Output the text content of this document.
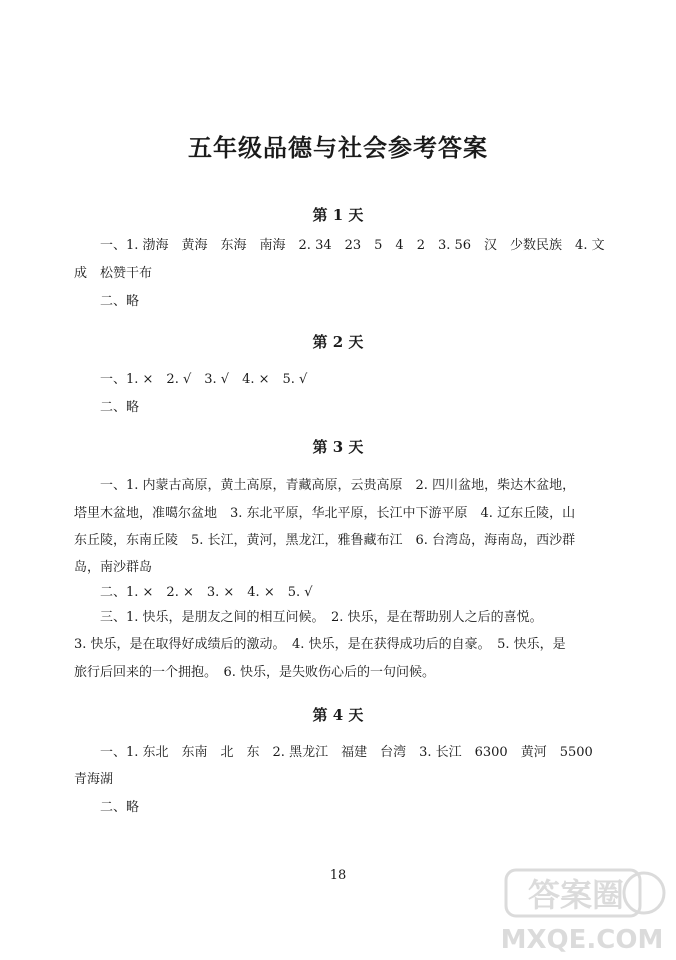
五年级品德与社会参考答案
第 1 天
一、1. 渤海　黄海　东海　南海　2. 34　23　5　4　2　3. 56　汉　少数民族　4. 文
成　松赞干布
二、略
第 2 天
一、1. ×　2. √　3. √　4. ×　5. √
二、略
第 3 天
一、1. 内蒙古高原，黄土高原，青藏高原，云贵高原　2. 四川盆地，柴达木盆地，
塔里木盆地，准噶尔盆地　3. 东北平原，华北平原，长江中下游平原　4. 辽东丘陵，山
东丘陵，东南丘陵　5. 长江，黄河，黑龙江，雅鲁藏布江　6. 台湾岛，海南岛，西沙群
岛，南沙群岛
二、1. ×　2. ×　3. ×　4. ×　5. √
三、1. 快乐，是朋友之间的相互问候。　2. 快乐，是在帮助别人之后的喜悦。
3. 快乐，是在取得好成绩后的激动。　4. 快乐，是在获得成功后的自豪。　5. 快乐，是
旅行后回来的一个拥抱。　6. 快乐，是失败伤心后的一句问候。
第 4 天
一、1. 东北　东南　北　东　2. 黑龙江　福建　台湾　3. 长江　6300　黄河　5500
青海湖
二、略
18
答案圈
MXQE.COM
